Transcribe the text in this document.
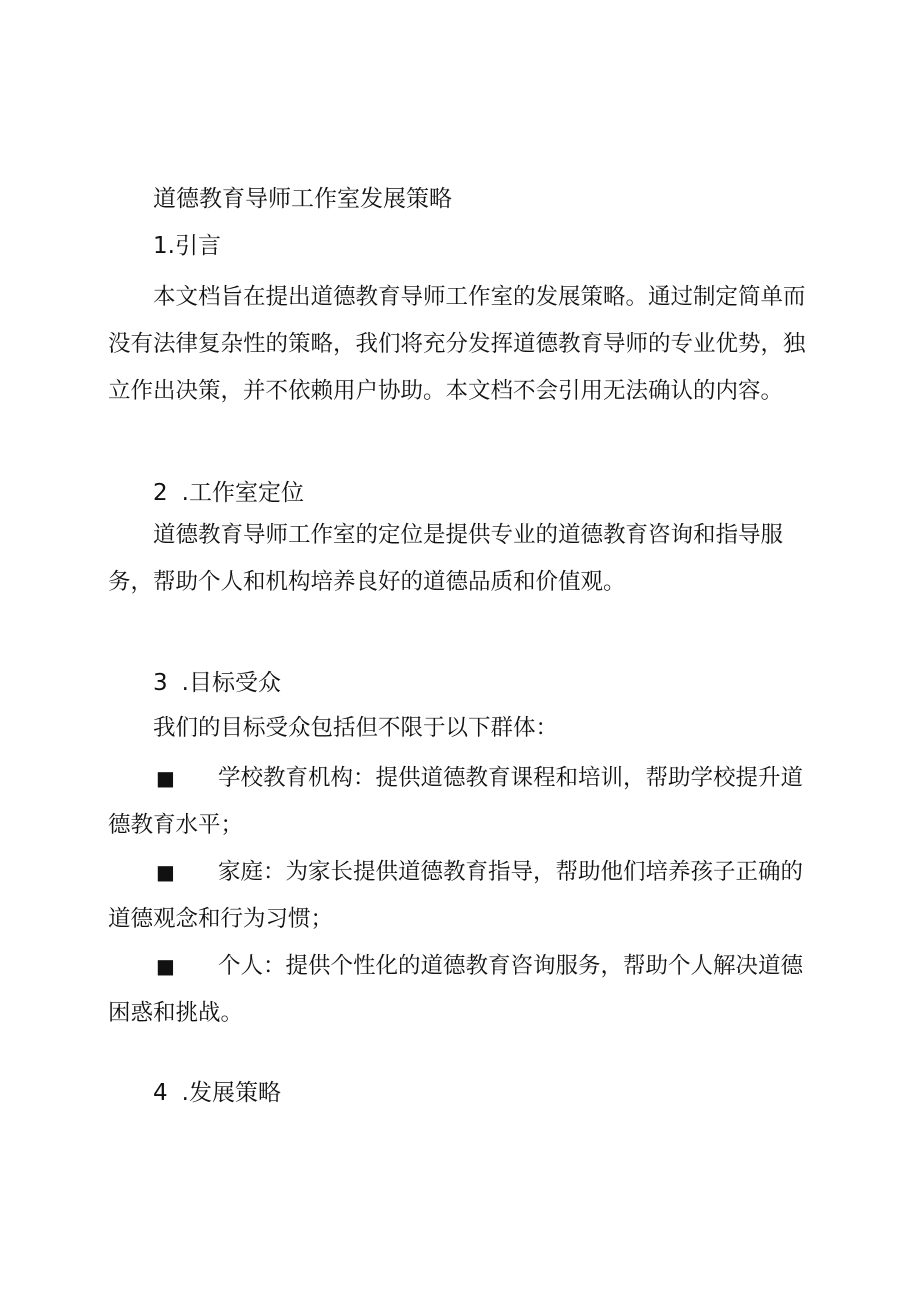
道德教育导师工作室发展策略
1.引言
本文档旨在提出道德教育导师工作室的发展策略。通过制定简单而
没有法律复杂性的策略，我们将充分发挥道德教育导师的专业优势，独
立作出决策，并不依赖用户协助。本文档不会引用无法确认的内容。
2 .工作室定位
道德教育导师工作室的定位是提供专业的道德教育咨询和指导服
务，帮助个人和机构培养良好的道德品质和价值观。
3 .目标受众
我们的目标受众包括但不限于以下群体：
■ 学校教育机构：提供道德教育课程和培训，帮助学校提升道
德教育水平；
■ 家庭：为家长提供道德教育指导，帮助他们培养孩子正确的
道德观念和行为习惯；
■ 个人：提供个性化的道德教育咨询服务，帮助个人解决道德
困惑和挑战。
4 .发展策略
